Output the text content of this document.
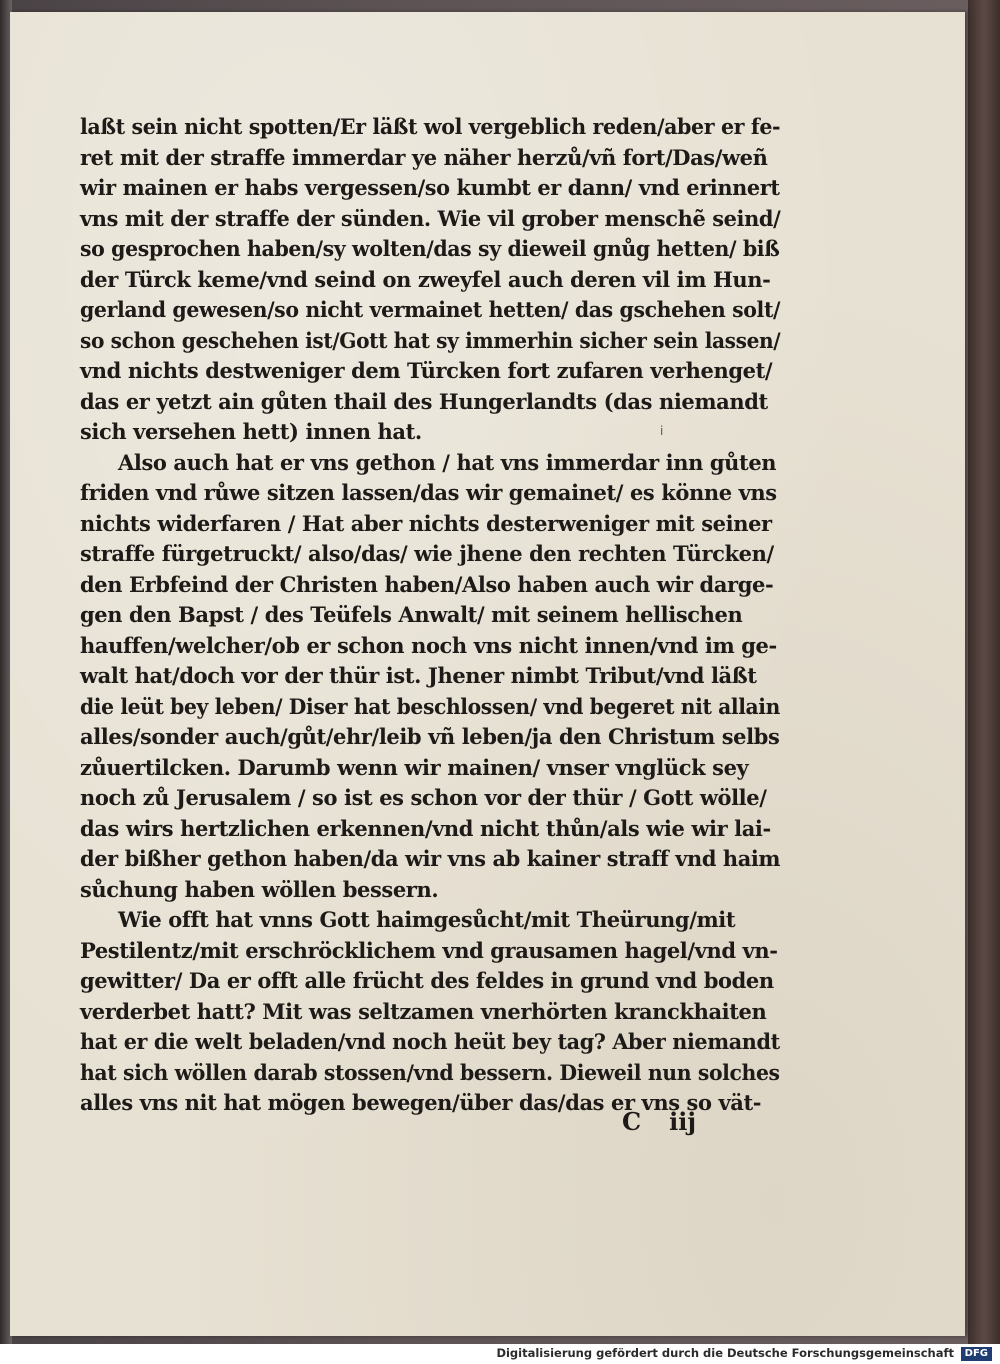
laßt sein nicht spotten/Er läßt wol vergeblich reden/aber er fe-
ret mit der straffe immerdar ye näher herzů/vñ fort/Das/weñ
wir mainen er habs vergessen/so kumbt er dann/ vnd erinnert
vns mit der straffe der sünden. Wie vil grober menschẽ seind/
so gesprochen haben/sy wolten/das sy dieweil gnůg hetten/ biß
der Türck keme/vnd seind on zweyfel auch deren vil im Hun-
gerland gewesen/so nicht vermainet hetten/ das gschehen solt/
so schon geschehen ist/Gott hat sy immerhin sicher sein lassen/
vnd nichts destweniger dem Türcken fort zufaren verhenget/
das er yetzt ain gůten thail des Hungerlandts (das niemandt
sich versehen hett) innen hat.
Also auch hat er vns gethon / hat vns immerdar inn gůten
friden vnd růwe sitzen lassen/das wir gemainet/ es könne vns
nichts widerfaren / Hat aber nichts desterweniger mit seiner
straffe fürgetruckt/ also/das/ wie jhene den rechten Türcken/
den Erbfeind der Christen haben/Also haben auch wir darge-
gen den Bapst / des Teüfels Anwalt/ mit seinem hellischen
hauffen/welcher/ob er schon noch vns nicht innen/vnd im ge-
walt hat/doch vor der thür ist. Jhener nimbt Tribut/vnd läßt
die leüt bey leben/ Diser hat beschlossen/ vnd begeret nit allain
alles/sonder auch/gůt/ehr/leib vñ leben/ja den Christum selbs
zůuertilcken. Darumb wenn wir mainen/ vnser vnglück sey
noch zů Jerusalem / so ist es schon vor der thür / Gott wölle/
das wirs hertzlichen erkennen/vnd nicht thůn/als wie wir lai-
der bißher gethon haben/da wir vns ab kainer straff vnd haim
sůchung haben wöllen bessern.
Wie offt hat vnns Gott haimgesůcht/mit Theürung/mit
Pestilentz/mit erschröcklichem vnd grausamen hagel/vnd vn-
gewitter/ Da er offt alle frücht des feldes in grund vnd boden
verderbet hatt? Mit was seltzamen vnerhörten kranckhaiten
hat er die welt beladen/vnd noch heüt bey tag? Aber niemandt
hat sich wöllen darab stossen/vnd bessern. Dieweil nun solches
alles vns nit hat mögen bewegen/über das/das er vns so vät-
i
C iij
Digitalisierung gefördert durch die Deutsche Forschungsgemeinschaft	DFG
